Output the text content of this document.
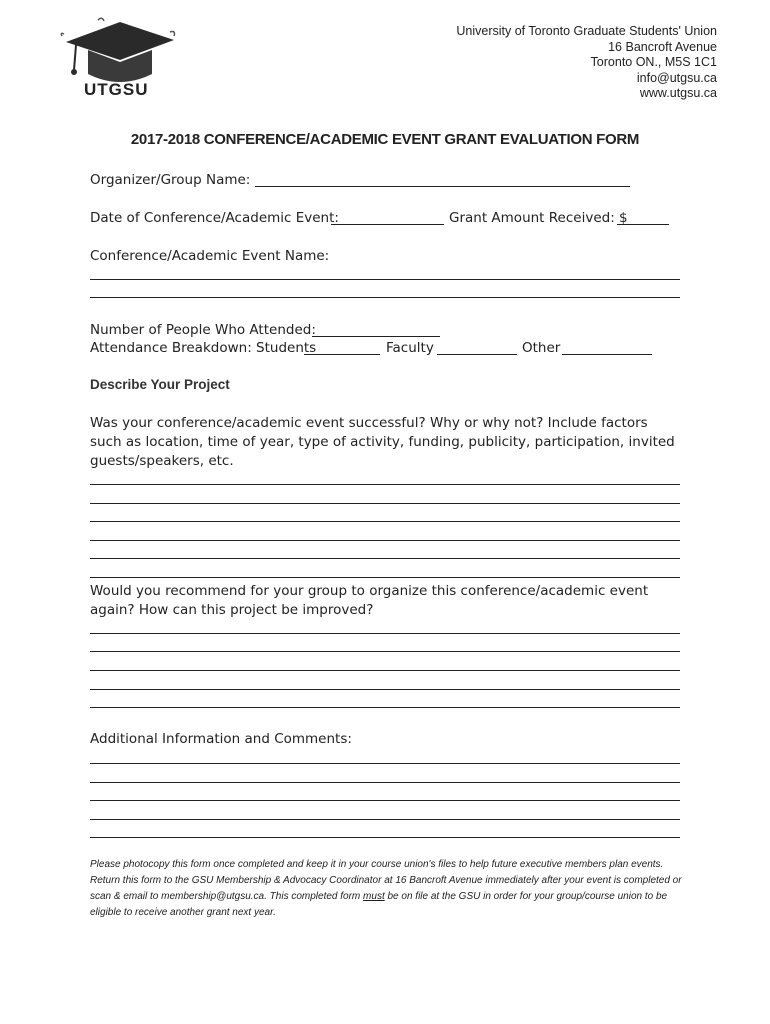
UTGSU
University of Toronto Graduate Students' Union
16 Bancroft Avenue
Toronto ON., M5S 1C1
info@utgsu.ca
www.utgsu.ca
2017-2018 CONFERENCE/ACADEMIC EVENT GRANT EVALUATION FORM
Organizer/Group Name:
Date of Conference/Academic Event:	Grant Amount Received: $
Conference/Academic Event Name:
Number of People Who Attended:
Attendance Breakdown: Students	Faculty	Other
Describe Your Project
Was your conference/academic event successful? Why or why not? Include factors such as location, time of year, type of activity, funding, publicity, participation, invited guests/speakers, etc.
Would you recommend for your group to organize this conference/academic event again? How can this project be improved?
Additional Information and Comments:
Please photocopy this form once completed and keep it in your course union's files to help future executive members plan events. Return this form to the GSU Membership & Advocacy Coordinator at 16 Bancroft Avenue immediately after your event is completed or scan & email to membership@utgsu.ca. This completed form must be on file at the GSU in order for your group/course union to be eligible to receive another grant next year.
